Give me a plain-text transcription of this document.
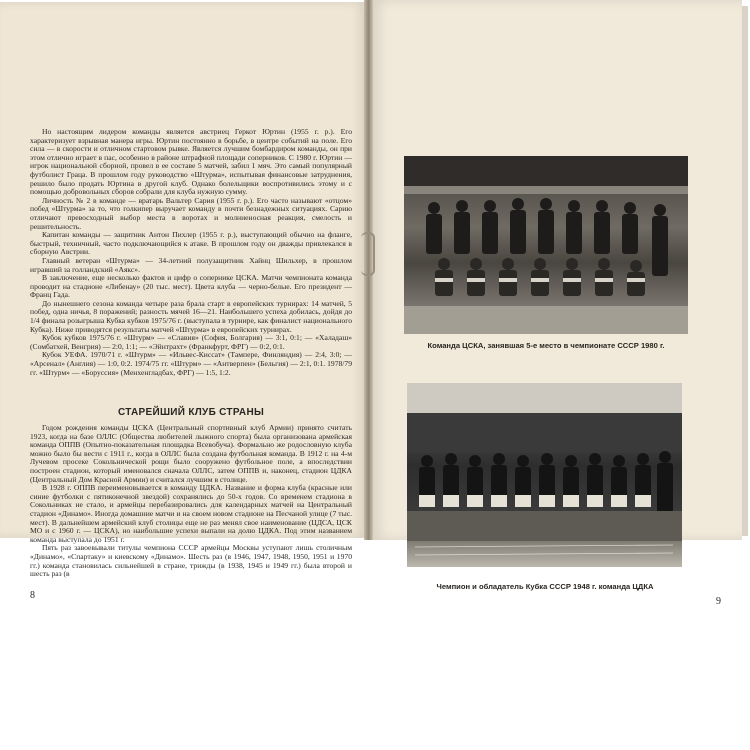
Но настоящим лидером команды является австриец Геркот Юртин (1955 г. р.). Его характеризует взрывная манера игры. Юртин постоянно в борьбе, в центре событий на поле. Его сила — в скорости и отличном стартовом рывке. Является лучшим бомбардиром команды, он при этом отлично играет в пас, особенно в районе штрафной площади соперников. С 1980 г. Юртин — игрок национальной сборной, провел в ее составе 5 матчей, забил 1 мяч. Это самый популярный футболист Граца. В прошлом году руководство «Штурма», испытывая финансовые затруднения, решило было продать Юртина в другой клуб. Однако болельщики воспротивились этому и с помощью добровольных сборов собрали для клуба нужную сумму.

Личность № 2 в команде — вратарь Вальтер Сария (1955 г. р.). Его часто называют «отцом» побед «Штурма» за то, что голкипер выручает команду в почти безнадежных ситуациях. Сарию отличают превосходный выбор места в воротах и молниеносная реакция, смелость и решительность.

Капитан команды — защитник Антон Пихлер (1955 г. р.), выступающий обычно на фланге, быстрый, техничный, часто подключающийся к атаке. В прошлом году он дважды привлекался в сборную Австрии.

Главный ветеран «Штурма» — 34-летний полузащитник Хайнц Шильхер, в прошлом игравший за голландский «Аякс».

В заключение, еще несколько фактов и цифр о сопернике ЦСКА. Матчи чемпионата команда проводит на стадионе «Либенау» (20 тыс. мест). Цвета клуба — черно-белые. Его президент — Франц Гада.

До нынешнего сезона команда четыре раза брала старт в европейских турнирах: 14 матчей, 5 побед, одна ничья, 8 поражений; разность мячей 16—21. Наибольшего успеха добилась, дойдя до 1/4 финала розыгрыша Кубка кубков 1975/76 г. (выступала в турнире, как финалист национального Кубка). Ниже приводятся результаты матчей «Штурма» в европейских турнирах.

Кубок кубков 1975/76 г. «Штурм» — «Славия» (София, Болгария) — 3:1, 0:1; — «Халадаш» (Сомбатхей, Венгрия) — 2:0, 1:1; — «Эйнтрахт» (Франкфурт, ФРГ) — 0:2, 0:1.

Кубок УЕФА. 1970/71 г. «Штурм» — «Ильвес-Киссат» (Тампере, Финляндия) — 2:4, 3:0; — «Арсенал» (Англия) — 1:0, 0:2. 1974/75 гг. «Штурм» — «Антверпен» (Бельгия) — 2:1, 0:1. 1978/79 гг. «Штурм» — «Боруссия» (Менхенгладбах, ФРГ) — 1:5, 1:2.

СТАРЕЙШИЙ КЛУБ СТРАНЫ

Годом рождения команды ЦСКА (Центральный спортивный клуб Армии) принято считать 1923, когда на базе ОЛЛС (Общества любителей лыжного спорта) была организована армейская команда ОППВ (Опытно-показательная площадка Всевобуча). Формально же родословную клуба можно было бы вести с 1911 г., когда в ОЛЛС была создана футбольная команда. В 1912 г. на 4-м Лучевом просеке Сокольнической рощи было сооружено футбольное поле, а впоследствии построен стадион, который именовался сначала ОЛЛС, затем ОППВ и, наконец, стадион ЦДКА (Центральный Дом Красной Армии) и считался лучшим в столице.

В 1928 г. ОППВ переименовывается в команду ЦДКА. Название и форма клуба (красные или синие футболки с пятиконечной звездой) сохранялись до 50-х годов. Со временем стадиона в Сокольниках не стало, и армейцы перебазировались для календарных матчей на Центральный стадион «Динамо». Иногда домашние матчи и на своем новом стадионе на Песчаной улице (7 тыс. мест). В дальнейшем армейский клуб столицы еще не раз менял свое наименование (ЦДСА, ЦСК МО и с 1960 г. — ЦСКА), но наибольшие успехи выпали на долю ЦДКА. Под этим названием команда выступала до 1951 г.

Пять раз завоевывали титулы чемпиона СССР армейцы Москвы уступают лишь столичным «Динамо», «Спартаку» и киевскому «Динамо». Шесть раз (в 1946, 1947, 1948, 1950, 1951 и 1970 гг.) команда становилась сильнейшей в стране, трижды (в 1938, 1945 и 1949 гг.) была второй и шесть раз (в

8
Команда ЦСКА, занявшая 5-е место в чемпионате СССР 1980 г.
Чемпион и обладатель Кубка СССР 1948 г. команда ЦДКА
9
